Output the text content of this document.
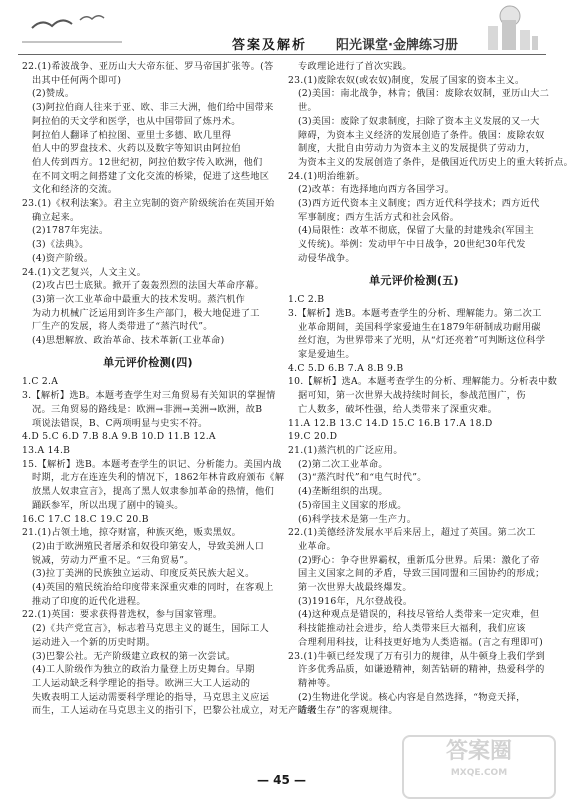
答案及解析 阳光课堂·金牌练习册
22.(1)希波战争、亚历山大大帝东征、罗马帝国扩张等。(答
出其中任何两个即可)
(2)赞成。
(3)阿拉伯商人往来于亚、欧、非三大洲，他们给中国带来
阿拉伯的天文学和医学，也从中国带回了炼丹术。
阿拉伯人翻译了柏拉图、亚里士多德、欧几里得
伯人中的罗盘技术、火药以及数字等知识由阿拉伯
伯人传到西方。12世纪初，阿拉伯数字传入欧洲，他们
在不同文明之间搭建了文化交流的桥梁，促进了这些地区
文化和经济的交流。
23.(1)《权利法案》。君主立宪制的资产阶级统治在英国开始
确立起来。
(2)1787年宪法。
(3)《法典》。
(4)资产阶级。
24.(1)文艺复兴，人文主义。
(2)攻占巴士底狱。掀开了轰轰烈烈的法国大革命序幕。
(3)第一次工业革命中最重大的技术发明。蒸汽机作
为动力机械广泛运用到许多生产部门，极大地促进了工
厂生产的发展，将人类带进了“蒸汽时代”。
(4)思想解放、政治革命、技术革新(工业革命)
单元评价检测(四)
1.C 2.A
3.【解析】选B。本题考查学生对三角贸易有关知识的掌握情
况。三角贸易的路线是：欧洲→非洲→美洲→欧洲，故B
项说法错误，B、C两项明显与史实不符。
4.D 5.C 6.D 7.B 8.A 9.B 10.D 11.B 12.A
13.A 14.B
15.【解析】选B。本题考查学生的识记、分析能力。美国内战
时期，北方在连连失利的情况下，1862年林肯政府颁布《解
放黑人奴隶宣言》，提高了黑人奴隶参加革命的热情，他们
踊跃参军，所以出现了剧中的镜头。
16.C 17.C 18.C 19.C 20.B
21.(1)占领土地，掠夺财富，种族灭绝，贩卖黑奴。
(2)由于欧洲殖民者屠杀和奴役印第安人，导致美洲人口
锐减，劳动力严重不足。“三角贸易”。
(3)拉丁美洲的民族独立运动、印度反英民族大起义。
(4)英国的殖民统治给印度带来深重灾难的同时，在客观上
推动了印度的近代化进程。
22.(1)英国：要求获得普选权，参与国家管理。
(2)《共产党宣言》，标志着马克思主义的诞生，国际工人
运动进入一个新的历史时期。
(3)巴黎公社。无产阶级建立政权的第一次尝试。
(4)工人阶级作为独立的政治力量登上历史舞台。早期
工人运动缺乏科学理论的指导。欧洲三大工人运动的
失败表明工人运动需要科学理论的指导，马克思主义应运
而生，工人运动在马克思主义的指引下，巴黎公社成立，对无产阶级
专政理论进行了首次实践。
23.(1)废除农奴(或农奴)制度，发展了国家的资本主义。
(2)美国：南北战争，林肯；俄国：废除农奴制，亚历山大二
世。
(3)美国：废除了奴隶制度，扫除了资本主义发展的又一大
障碍，为资本主义经济的发展创造了条件。俄国：废除农奴
制度，大批自由劳动力为资本主义的发展提供了劳动力，
为资本主义的发展创造了条件，是俄国近代历史上的重大转折点。
24.(1)明治维新。
(2)改革：有选择地向西方各国学习。
(3)西方近代资本主义制度；西方近代科学技术；西方近代
军事制度；西方生活方式和社会风俗。
(4)局限性：改革不彻底，保留了大量的封建残余(军国主
义传统)。举例：发动甲午中日战争，20世纪30年代发
动侵华战争。
单元评价检测(五)
1.C 2.B
3.【解析】选B。本题考查学生的分析、理解能力。第二次工
业革命期间，美国科学家爱迪生在1879年研制成功耐用碳
丝灯泡，为世界带来了光明，从“灯还亮着”可判断这位科学
家是爱迪生。
4.C 5.D 6.B 7.A 8.B 9.B
10.【解析】选A。本题考查学生的分析、理解能力。分析表中数
据可知，第一次世界大战持续时间长，参战范围广，伤
亡人数多，破坏性强，给人类带来了深重灾难。
11.A 12.B 13.C 14.D 15.C 16.B 17.A 18.D
19.C 20.D
21.(1)蒸汽机的广泛应用。
(2)第二次工业革命。
(3)“蒸汽时代”和“电气时代”。
(4)垄断组织的出现。
(5)帝国主义国家的形成。
(6)科学技术是第一生产力。
22.(1)美德经济发展水平后来居上，超过了英国。第二次工
业革命。
(2)野心：争夺世界霸权，重新瓜分世界。后果：激化了帝
国主义国家之间的矛盾，导致三国同盟和三国协约的形成；
第一次世界大战最终爆发。
(3)1916年，凡尔登战役。
(4)这种观点是错误的，科技尽管给人类带来一定灾难，但
科技能推动社会进步，给人类带来巨大福利，我们应该
合理利用科技，让科技更好地为人类造福。(言之有理即可)
23.(1)牛顿已经发现了万有引力的规律，从牛顿身上我们学到
许多优秀品质，如谦逊精神，刻苦钻研的精神，热爱科学的
精神等。
(2)生物进化学说。核心内容是自然选择，“物竞天择，
适者生存”的客观规律。
— 45 —
答案圈
MXQE.COM
